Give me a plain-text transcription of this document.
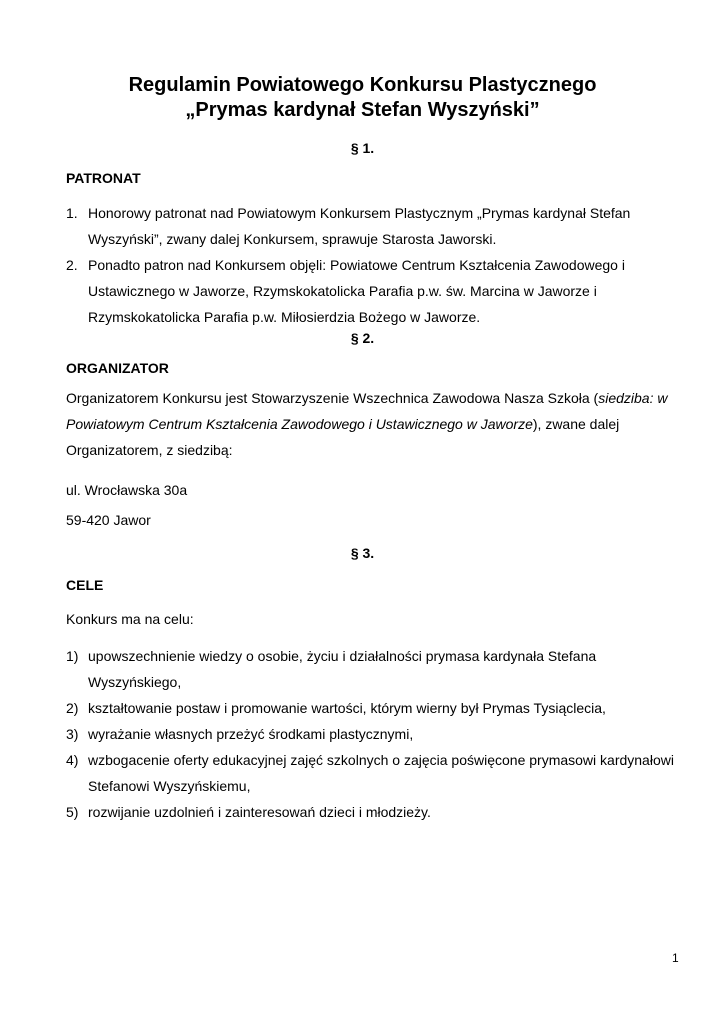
Regulamin Powiatowego Konkursu Plastycznego
„Prymas kardynał Stefan Wyszyński”
§ 1.
PATRONAT
1. Honorowy patronat nad Powiatowym Konkursem Plastycznym „Prymas kardynał Stefan Wyszyński”, zwany dalej Konkursem, sprawuje Starosta Jaworski.
2. Ponadto patron nad Konkursem objęli: Powiatowe Centrum Kształcenia Zawodowego i Ustawicznego w Jaworze, Rzymskokatolicka Parafia p.w. św. Marcina w Jaworze i Rzymskokatolicka Parafia p.w. Miłosierdzia Bożego w Jaworze.
§ 2.
ORGANIZATOR
Organizatorem Konkursu jest Stowarzyszenie Wszechnica Zawodowa Nasza Szkoła (siedziba: w Powiatowym Centrum Kształcenia Zawodowego i Ustawicznego w Jaworze), zwane dalej Organizatorem, z siedzibą:
ul. Wrocławska 30a
59-420 Jawor
§ 3.
CELE
Konkurs ma na celu:
1) upowszechnienie wiedzy o osobie, życiu i działalności prymasa kardynała Stefana Wyszyńskiego,
2) kształtowanie postaw i promowanie wartości, którym wierny był Prymas Tysiąclecia,
3) wyrażanie własnych przeżyć środkami plastycznymi,
4) wzbogacenie oferty edukacyjnej zajęć szkolnych o zajęcia poświęcone prymasowi kardynałowi Stefanowi Wyszyńskiemu,
5) rozwijanie uzdolnień i zainteresowań dzieci i młodzieży.
1
